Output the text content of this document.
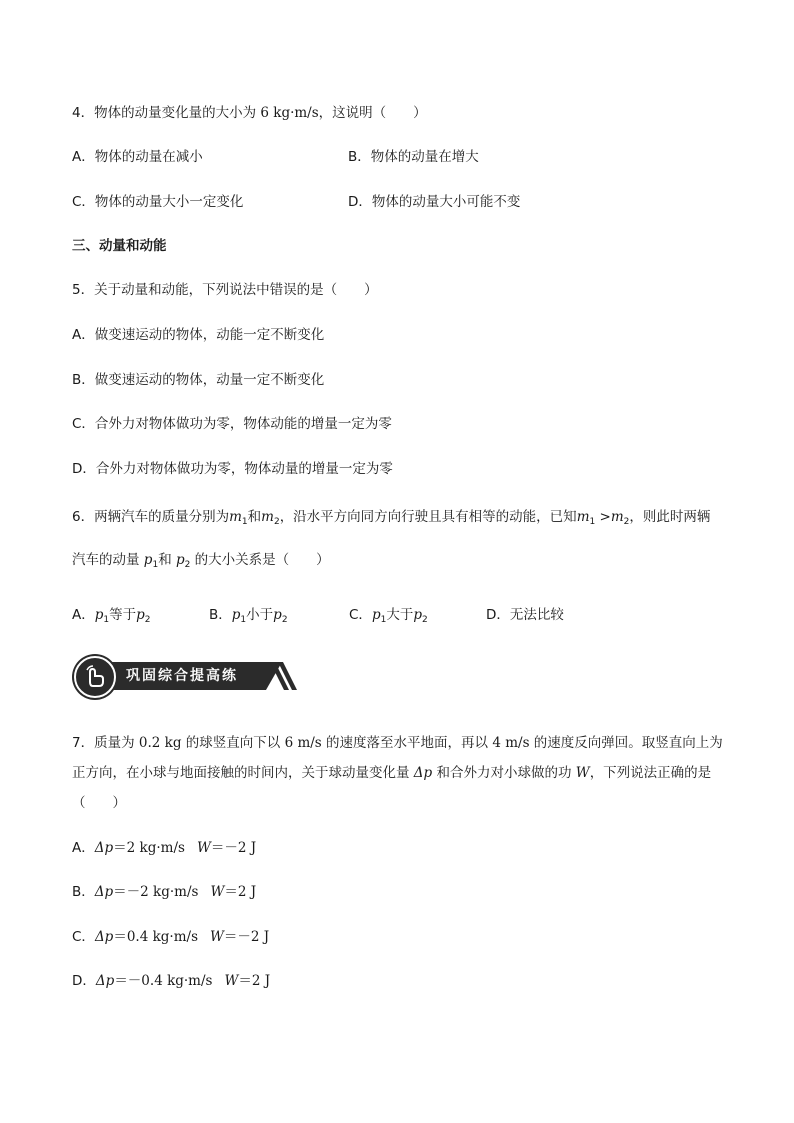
4．物体的动量变化量的大小为 6 kg·m/s，这说明（　　）
A．物体的动量在减小	B．物体的动量在增大
C．物体的动量大小一定变化	D．物体的动量大小可能不变
三、动量和动能
5．关于动量和动能，下列说法中错误的是（　　）
A．做变速运动的物体，动能一定不断变化
B．做变速运动的物体，动量一定不断变化
C．合外力对物体做功为零，物体动能的增量一定为零
D．合外力对物体做功为零，物体动量的增量一定为零
6．两辆汽车的质量分别为$m_1$和$m_2$，沿水平方向同方向行驶且具有相等的动能，已知$m_1 >m_2$，则此时两辆
汽车的动量 $p_1$和 $p_2$ 的大小关系是（　　）
A．$p_1$等于$p_2$	B．$p_1$小于$p_2$	C．$p_1$大于$p_2$	D．无法比较
巩固综合提高练
7．质量为 0.2 kg 的球竖直向下以 6 m/s 的速度落至水平地面，再以 4 m/s 的速度反向弹回。取竖直向上为
正方向，在小球与地面接触的时间内，关于球动量变化量 Δp 和合外力对小球做的功 W，下列说法正确的是
（　　）
A．Δp＝2 kg·m/s W＝－2 J
B．Δp＝－2 kg·m/s W＝2 J
C．Δp＝0.4 kg·m/s W＝－2 J
D．Δp＝－0.4 kg·m/s W＝2 J
